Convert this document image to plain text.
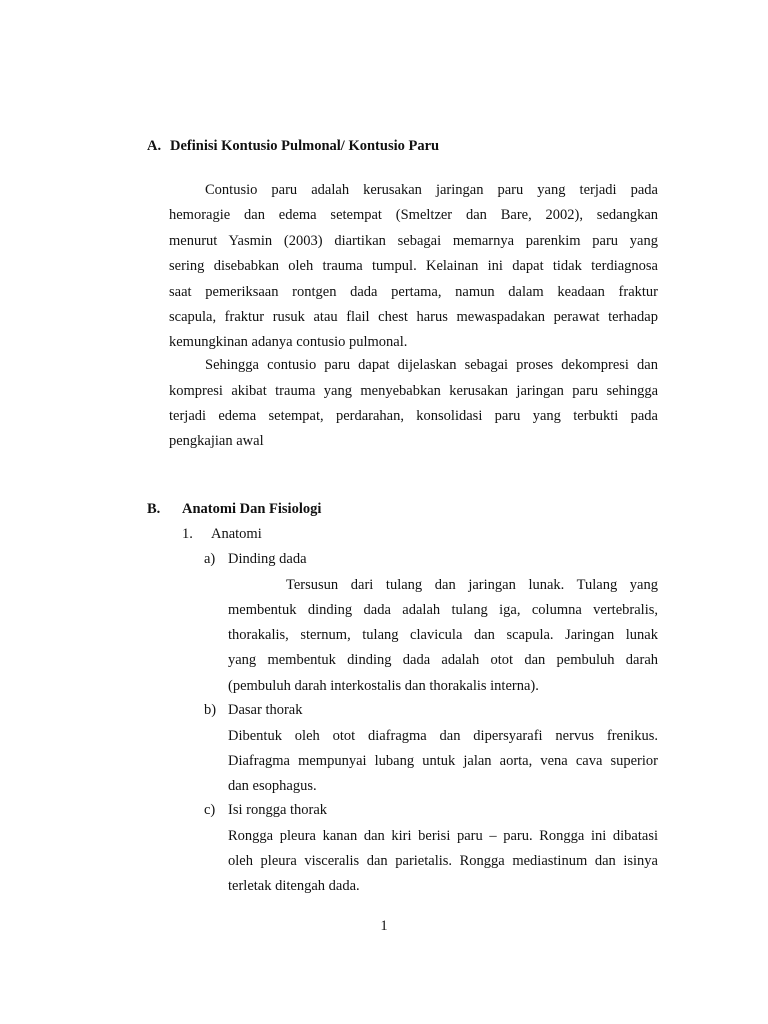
A. Definisi Kontusio Pulmonal/ Kontusio Paru
Contusio paru adalah kerusakan jaringan paru yang terjadi pada
hemoragie dan edema setempat (Smeltzer dan Bare, 2002), sedangkan
menurut Yasmin (2003) diartikan sebagai memarnya parenkim paru yang
sering disebabkan oleh trauma tumpul. Kelainan ini dapat tidak terdiagnosa
saat pemeriksaan rontgen dada pertama, namun dalam keadaan fraktur
scapula, fraktur rusuk atau flail chest harus mewaspadakan perawat terhadap
kemungkinan adanya contusio pulmonal.
Sehingga contusio paru dapat dijelaskan sebagai proses dekompresi dan
kompresi akibat trauma yang menyebabkan kerusakan jaringan paru sehingga
terjadi edema setempat, perdarahan, konsolidasi paru yang terbukti pada
pengkajian awal
B. Anatomi Dan Fisiologi
1. Anatomi
a) Dinding dada
Tersusun dari tulang dan jaringan lunak. Tulang yang
membentuk dinding dada adalah tulang iga, columna vertebralis,
thorakalis, sternum, tulang clavicula dan scapula. Jaringan lunak
yang membentuk dinding dada adalah otot dan pembuluh darah
(pembuluh darah interkostalis dan thorakalis interna).
b) Dasar thorak
Dibentuk oleh otot diafragma dan dipersyarafi nervus frenikus.
Diafragma mempunyai lubang untuk jalan aorta, vena cava superior
dan esophagus.
c) Isi rongga thorak
Rongga pleura kanan dan kiri berisi paru – paru. Rongga ini dibatasi
oleh pleura visceralis dan parietalis. Rongga mediastinum dan isinya
terletak ditengah dada.
1
